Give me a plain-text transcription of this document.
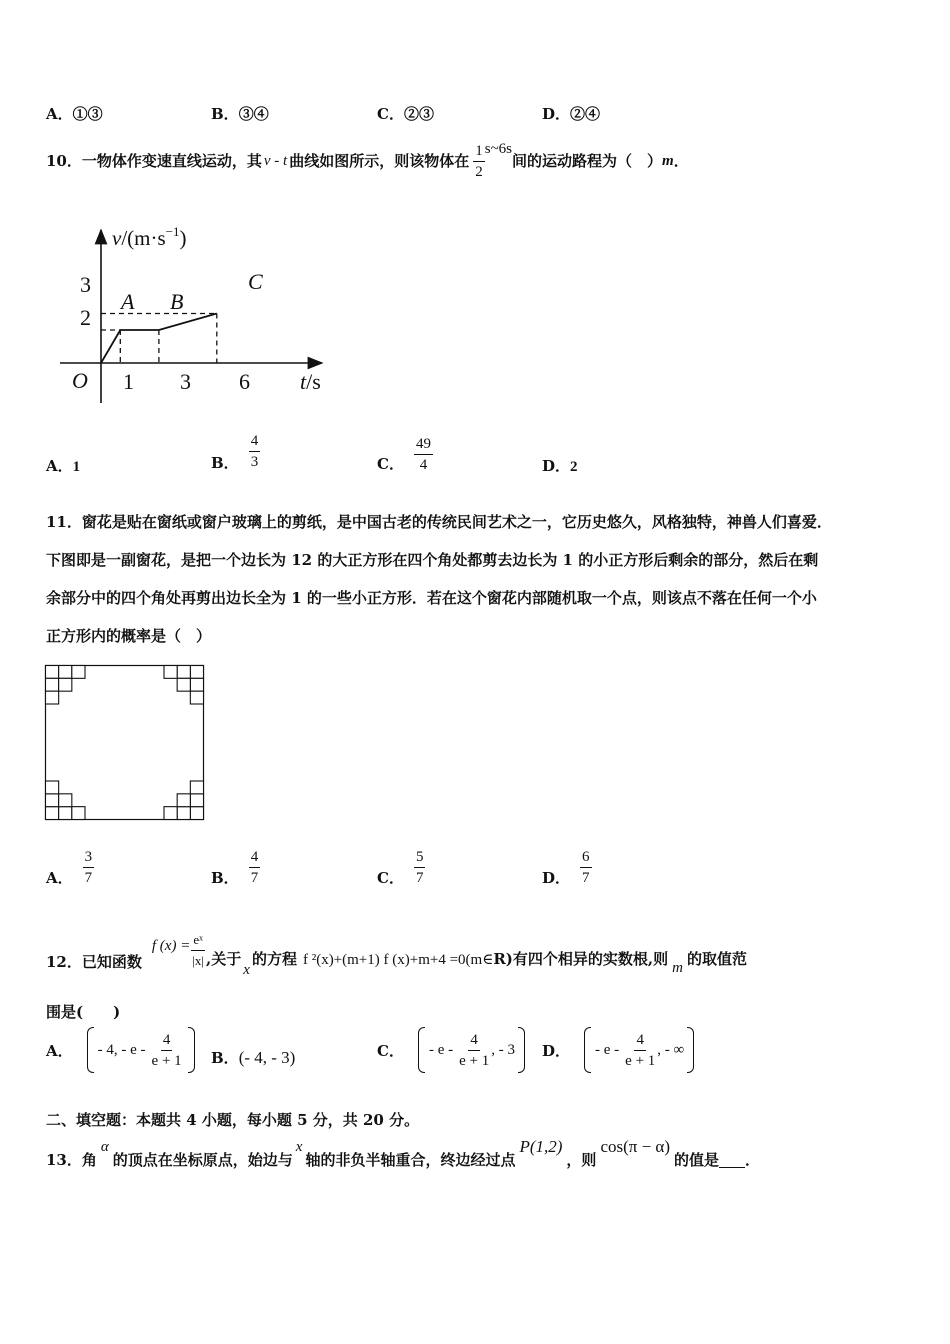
A．①③	B．③④	C．②③	D．②④
10． 一物体作变速直线运动，其 v - t 曲线如图所示，则该物体在 $\frac{1}{2}$ s~6s
间的运动路程为（　） m ．
$v/(m\cdot s^{-1})$
O
3
2
1 3 6 t/s
A B
C
A．1	B． $\frac{4}{3}$	C． $\frac{49}{4}$	D．2
11．窗花是贴在窗纸或窗户玻璃上的剪纸，是中国古老的传统民间艺术之一，它历史悠久，风格独特，神兽人们喜爱．
下图即是一副窗花，是把一个边长为 12 的大正方形在四个角处都剪去边长为 1 的小正方形后剩余的部分，然后在剩
余部分中的四个角处再剪出边长全为 1 的一些小正方形．若在这个窗花内部随机取一个点，则该点不落在任何一个小
正方形内的概率是（　）
A． $\frac{3}{7}$	B． $\frac{4}{7}$	C． $\frac{5}{7}$	D． $\frac{6}{7}$
12．已知函数
f $(x) = \frac{\text{eˣ}}{|x|}$ ,关于
x
的方程 f ²(x)+(m+1) f (x)+m+4 =0(m∈ R)有四个相异的实数根,则 m 的取值范
围是(　　)
A． - 4, - e - $\frac{4}{e + 1}$ B．(- 4, - 3)	C． - e - $\frac{4}{e + 1}$ , - 3 D． - e - $\frac{4}{e + 1}$ , - ∞
二、填空题：本题共 4 小题，每小题 5 分，共 20 分。
13．角
α
的顶点在坐标原点，始边与
x
轴的非负半轴重合，终边经过点
P(1,2)
，则
cos(π − α)
的值是 ．
